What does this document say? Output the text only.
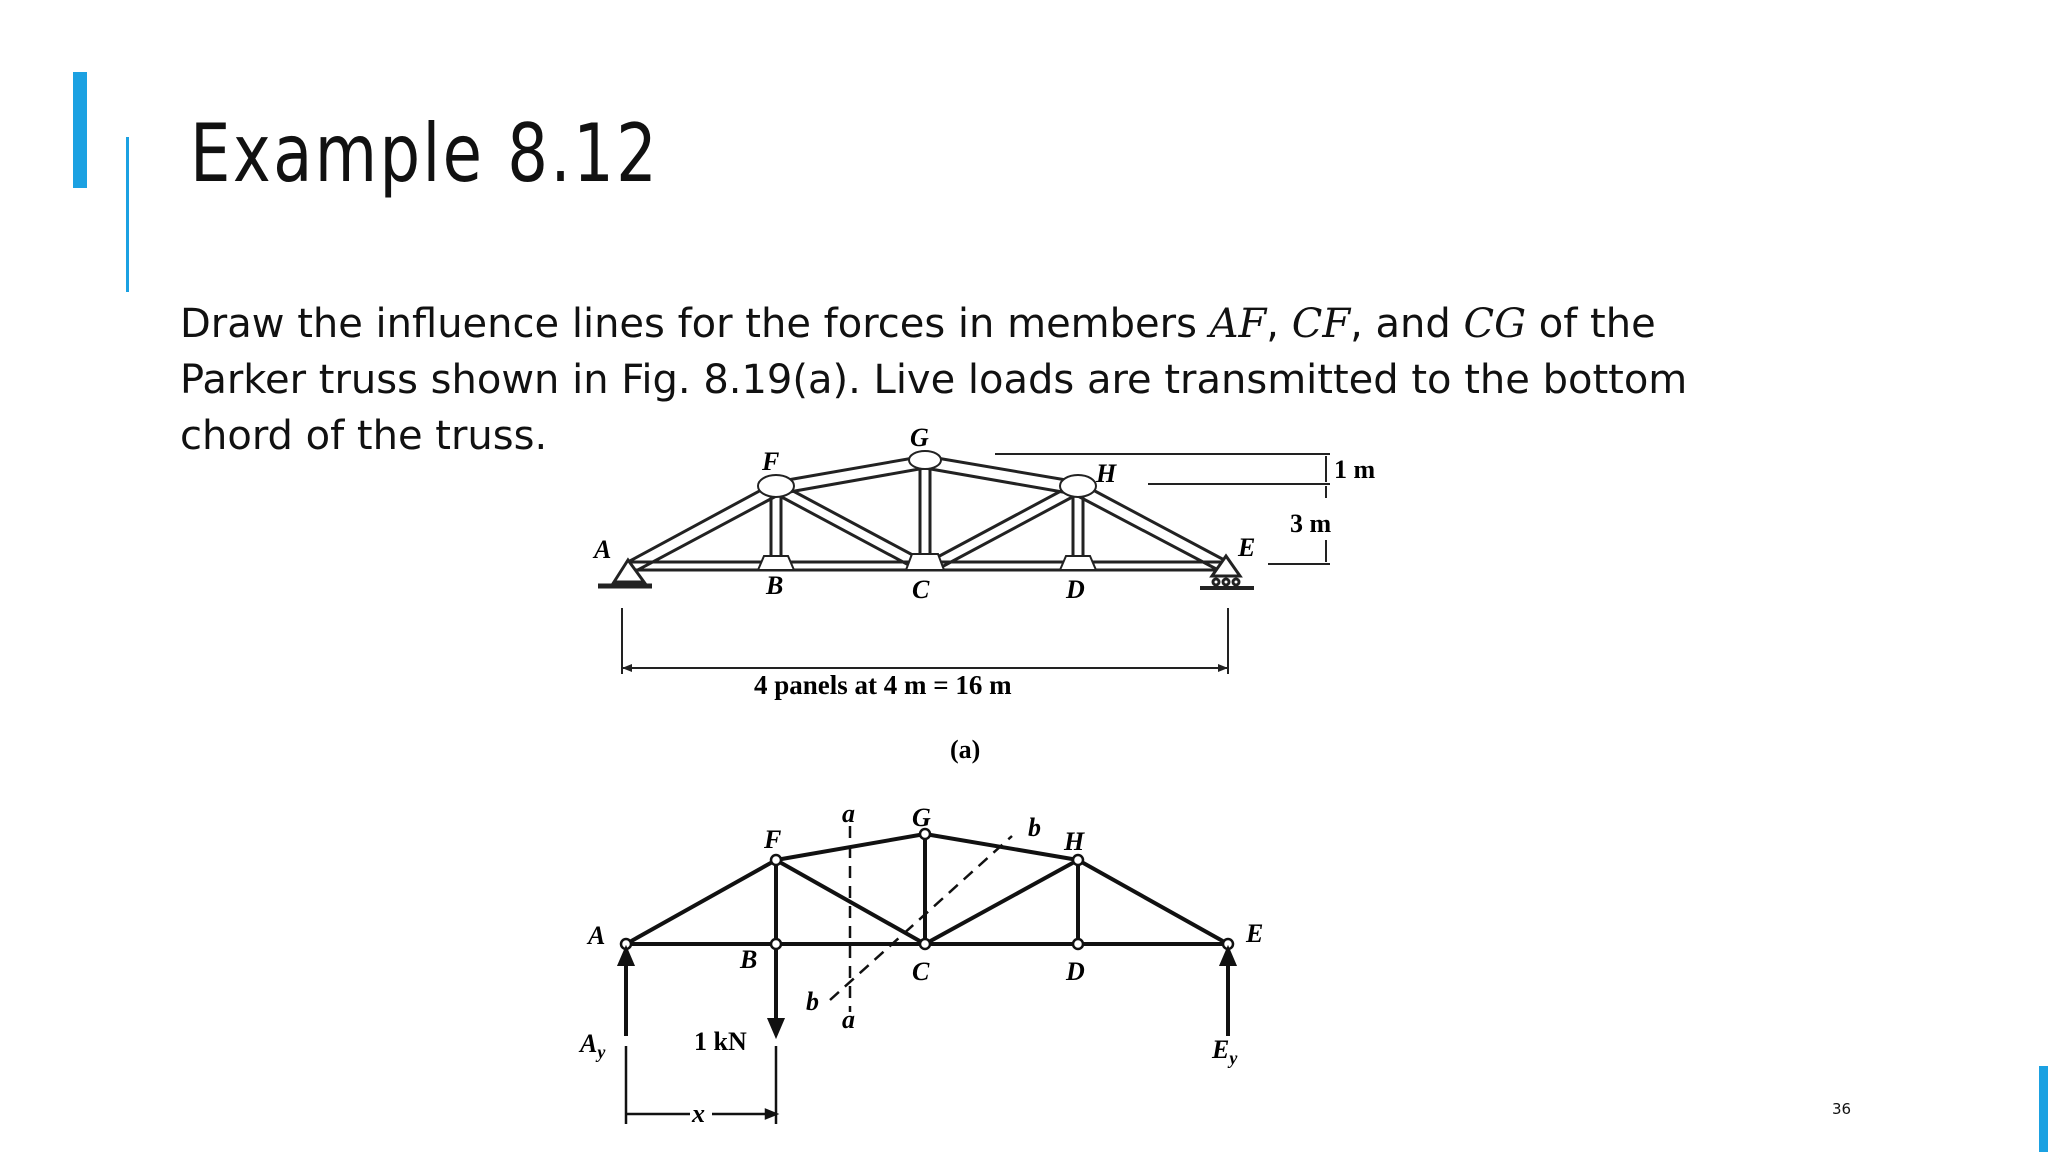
Example 8.12
Draw the influence lines for the forces in members AF, CF, and CG of the Parker truss shown in Fig. 8.19(a). Live loads are transmitted to the bottom chord of the truss.
A
B	C	D
E
F
G
H	1 m
3 m
4 panels at 4 m = 16 m
(a)
A
B	C	D
E
F
G
H
a
a
b
b
$A_y$	$E_y$
1 kN
x	36
